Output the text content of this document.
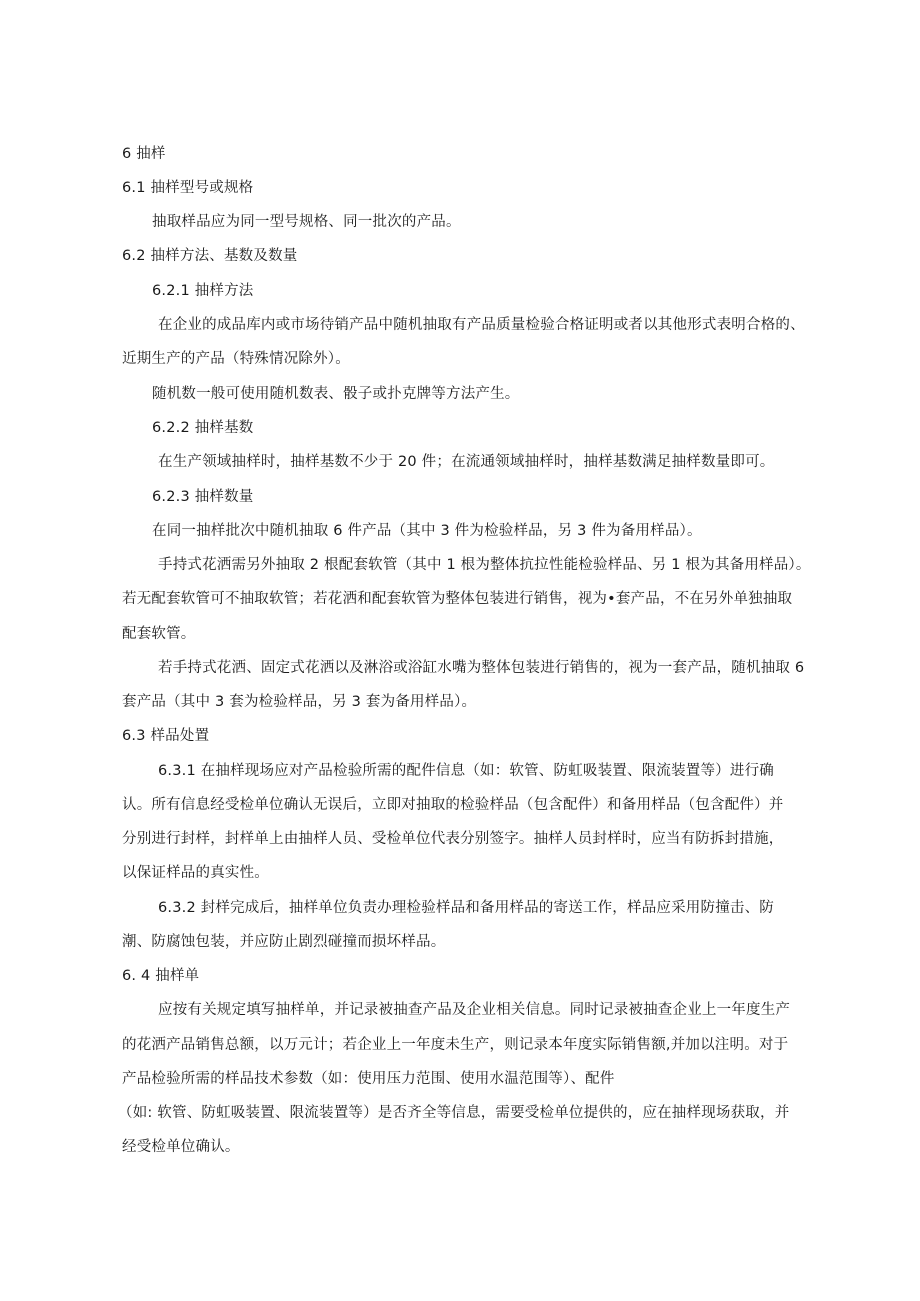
6 抽样
6.1 抽样型号或规格
抽取样品应为同一型号规格、同一批次的产品。
6.2 抽样方法、基数及数量
6.2.1 抽样方法
在企业的成品库内或市场待销产品中随机抽取有产品质量检验合格证明或者以其他形式表明合格的、
近期生产的产品（特殊情况除外）。
随机数一般可使用随机数表、骰子或扑克牌等方法产生。
6.2.2 抽样基数
在生产领域抽样时，抽样基数不少于 20 件；在流通领域抽样时，抽样基数满足抽样数量即可。
6.2.3 抽样数量
在同一抽样批次中随机抽取 6 件产品（其中 3 件为检验样品，另 3 件为备用样品）。
手持式花洒需另外抽取 2 根配套软管（其中 1 根为整体抗拉性能检验样品、另 1 根为其备用样品）。
若无配套软管可不抽取软管；若花洒和配套软管为整体包装进行销售，视为•套产品，不在另外单独抽取
配套软管。
若手持式花洒、固定式花洒以及淋浴或浴缸水嘴为整体包装进行销售的，视为一套产品，随机抽取 6
套产品（其中 3 套为检验样品，另 3 套为备用样品）。
6.3 样品处置
6.3.1 在抽样现场应对产品检验所需的配件信息（如：软管、防虹吸装置、限流装置等）进行确
认。所有信息经受检单位确认无误后，立即对抽取的检验样品（包含配件）和备用样品（包含配件）并
分别进行封样，封样单上由抽样人员、受检单位代表分别签字。抽样人员封样时，应当有防拆封措施，
以保证样品的真实性。
6.3.2 封样完成后，抽样单位负责办理检验样品和备用样品的寄送工作，样品应采用防撞击、防
潮、防腐蚀包装，并应防止剧烈碰撞而损坏样品。
6. 4 抽样单
应按有关规定填写抽样单，并记录被抽查产品及企业相关信息。同时记录被抽查企业上一年度生产
的花洒产品销售总额，以万元计；若企业上一年度未生产，则记录本年度实际销售额,并加以注明。对于
产品检验所需的样品技术参数（如：使用压力范围、使用水温范围等）、配件
（如: 软管、防虹吸装置、限流装置等）是否齐全等信息，需要受检单位提供的，应在抽样现场获取，并
经受检单位确认。
